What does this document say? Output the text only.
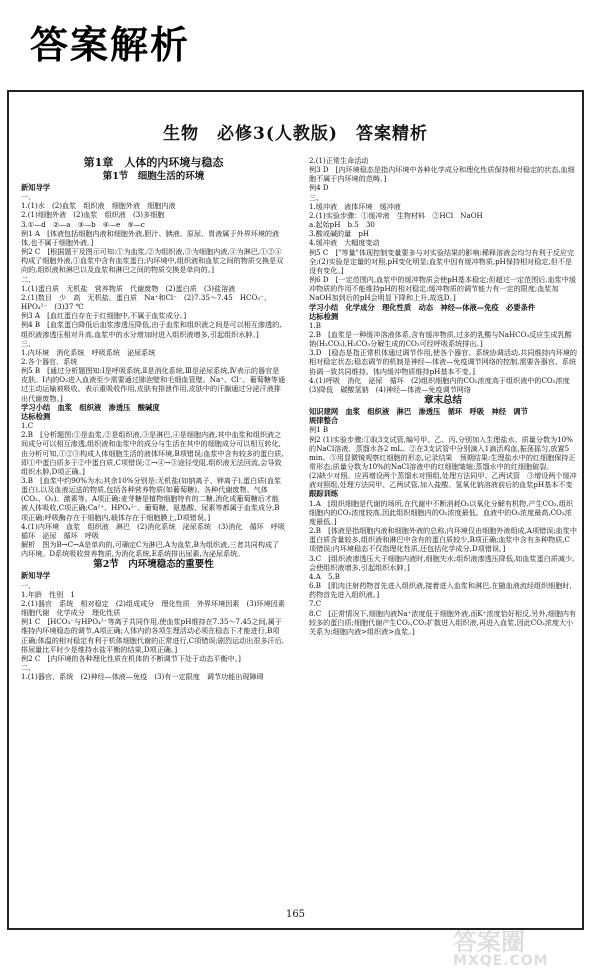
答案解析
生物　必修3(人教版)　答案精析

第1章　人体的内环境与稳态

第1节　细胞生活的环境

新知导学

一、

1.(1)水　(2)血浆　组织液　细胞外液　细胞内液

2.(1)细胞外液　(2)血浆　组织液　(3)多细胞

3.①—d　②—a　③—b　④—e　⑤—c

例1 A　[体液包括细胞内液和细胞外液,胆汁、胰液、原尿、胃液属于外界环境的液体,也不属于细胞外液。]

例2 C　[根据题干及图示可知:①为血浆,②为组织液,③为细胞内液,④为淋巴,①②④构成了细胞外液,①血浆中含有血浆蛋白;内环境中,组织液和血浆之间的物质交换是双向的,组织液和淋巴以及血浆和淋巴之间的物质交换是单向的。]

二、

1.(1)蛋白质　无机盐　营养物质　代谢废物　(2)蛋白质　(3)盐溶液

2.(1)数目　少　高　无机盐、蛋白质　Na⁺和Cl⁻　(2)7.35～7.45　HCO₃⁻、HPO₄²⁻　(3)37 ℃

例3 A　[血红蛋白存在于红细胞中,不属于血浆成分。]

例4 B　[血浆蛋白降低后血浆渗透压降低,由于血浆和组织液之间是可以相互渗透的,组织液渗透压相对升高,血浆中的水分增加时进入组织液增多,引起组织水肿。]

三、

1.内环境　消化系统　呼吸系统　泌尿系统

2.各个器官、系统

例5 B　[通过分析题图知:Ⅰ是呼吸系统,Ⅱ是消化系统,Ⅲ是泌尿系统,Ⅳ表示的器官是皮肤。Ⅰ内的O₂进入血液至少需要通过肺泡壁和毛细血管壁。Na⁺、Cl⁻、葡萄糖等通过主动运输被吸收。表示重吸收作用,皮肤有排泄作用,皮肤中的汗腺通过分泌汗液排出代谢废物。]

学习小结　血浆　组织液　渗透压　酸碱度

达标检测

1.C

2.B　[分析题图:①是血浆,②是组织液,③是淋巴,④是细胞内液,其中血浆和组织液之间成分可以相互渗透,组织液和血浆中的成分与生活在其中的细胞成分可以相互转化,由分析可知,①②③构成人体细胞生活的液体环境,B项错误;血浆中含有较多的蛋白质,即①中蛋白质多于②中蛋白质,C项错误;②→④→③途径受阻,组织液无法回流,会导致组织水肿,D项正确。]

3.B　[血浆中约90%为水;其余10%分别是:无机盐(如钠离子、钾离子),蛋白质(血浆蛋白),以及血液运送的物质,包括各种营养物质(如葡萄糖)、各种代谢废物、气体(CO₂、O₂)、激素等。A项正确;麦芽糖是植物细胞特有的二糖,消化成葡萄糖后才能被人体吸收,C项正确;Ca²⁺、HPO₄²⁻、葡萄糖、氨基酸、尿素等都属于血浆成分,B项正确;呼吸酶存在于细胞内,载体存在于细胞膜上,D项错误。]

4.(1)内环境　血浆　组织液　淋巴　(2)消化系统　泌尿系统　(3)消化　循环　呼吸　循环　泌尿　循环　呼吸

解析　图为B→C→A是单向的,可确定C为淋巴,A为血浆,B为组织液,三者共同构成了内环境。D系统吸收营养物质,为消化系统,E系统排出尿素,为泌尿系统。

第2节　内环境稳态的重要性

新知导学

一、

1.年龄　性别　1

2.(1)器官　系统　相对稳定　(2)组成成分　理化性质　外界环境因素　(3)环境因素　细胞代谢　化学成分　理化性质

例1 C　[HCO₃⁻与HPO₄²⁻等离子共同作用,使血浆pH维持在7.35～7.45之间,属于维持内环境稳态的调节,A项正确;人体内的各项生理活动必须在稳态下才能进行,B项正确;体温的相对稳定有利于机体细胞代谢的正常进行,C项错误;剧烈运动出很多汗后,排尿量比平时少是维持水盐平衡的结果,D项正确。]

例2 C　[内环境的各种理化性质在机体的不断调节下处于动态平衡中。]

二、

1.(1)器官、系统　(2)神经—体液—免疫　(3)有一定限度　调节功能出现障碍

2.(1)正常生命活动

例3 D　[内环境稳态是指内环境中各种化学成分和理化性质保持相对稳定的状态,血细胞不属于内环境的范畴。]

例4 D

三、

1.缓冲液　液体环境　缓冲液

2.(1)实验步骤：①缓冲液　生物材料　②HCl　NaOH

a.起始pH　b.5　30

3.酸或碱的量　pH

4.缓冲液　大幅度变动

例5 C　["等量"体现控制变量要多与对实验结果的影响:稀释溶液会均匀有利于反应完全;(2)实验是定量的对照,pH变化明显;血浆中因有缓冲物质,pH保持相对稳定,但不是没有变化。]

例6 D　[一定范围内,血浆中的缓冲物质会使pH基本稳定;但超过一定范围后,血浆中缓冲物质的作用不能维持pH的相对稳定;缓冲物质的调节能力有一定的限度;血浆加NaOH加到后的pH会明显下降和上升,故选D。]

学习小结　化学成分　理化性质　动态　神经—体液—免疫　必要条件

达标检测

1.B

2.B　[血浆是一种缓冲溶液体系,含有缓冲物质,过多的乳酸与NaHCO₃反应生成乳酸钠(H₂CO₃),H₂CO₃分解生成的CO₂可经呼吸系统排出。]

3.D　[稳态是指正常机体通过调节作用,使各个器官、系统协调活动,共同维持内环境的相对稳定状态;稳态调节的机制是神经—体液—免疫调节网络的控制,需要各器官、系统协调一致共同维持。体内缓冲物质维持pH基本不变。]

4.(1)呼吸　消化　泌尿　循环　(2)组织细胞内的CO₂浓度高于组织液中的CO₂浓度　(3)降低　碳酸氢钠　(4)神经—体液—免疫调节网络

章末总结

知识建网　血浆　组织液　淋巴　渗透压　循环　呼吸　神经　调节

规律整合

例1 B

例2 (1)实验步骤:①取3支试管,编号甲、乙、丙,分别加入生理盐水、质量分数为10%的NaCl溶液、蒸馏水各2 mL。②在3支试管中分别滴入1滴活鸡血,振荡摇匀,放置5 min。③用显微镜观察红细胞的形态,记录结果　预期结果:生理盐水中的红细胞保持正常形态;质量分数为10%的NaCl溶液中的红细胞皱缩;蒸馏水中的红细胞破裂。

(2)缺少对照。应再增设两个蒸馏水对照组,处理方法同甲、乙两试管　③增设两个缓冲液对照组,处理方法同甲、乙两试管,加入盐酸、氢氧化钠溶液前后的血浆pH基本不变

跟踪训练

1.A　[组织细胞是代谢的场所,在代谢中不断消耗O₂以氧化分解有机物,产生CO₂,组织细胞内的CO₂浓度较高,因此组织细胞内的O₂浓度最低。血液中的O₂浓度最高,CO₂浓度最低。]

2.B　[体液是指细胞内液和细胞外液的总称,内环境仅由细胞外液组成,A项错误;血浆中蛋白质含量较多,组织液和淋巴中含有的蛋白质较少,B项正确;血浆中含有多种物质,C项错误;内环境稳态不仅指理化性质,还包括化学成分,D项错误。]

3.C　[组织液渗透压大于细胞内液时,细胞失水;组织液渗透压降低,如血浆蛋白质减少,会使组织液增多,引起组织水肿。]

4.A　5.B

6.B　[肌肉注射药物首先进入组织液,接着进入血浆和淋巴,在随血液流经组织细胞时,药物首先进入组织液。]

7.C

8.C　[正常情况下,细胞内液Na⁺浓度低于细胞外液,而K⁺浓度恰好相反,另外,细胞内有较多的蛋白质;细胞代谢产生CO₂,CO₂扩散进入组织液,再进入血浆,因此CO₂浓度大小关系为:细胞内液>组织液>血浆。]

165
答案圈
MXQE.COM
